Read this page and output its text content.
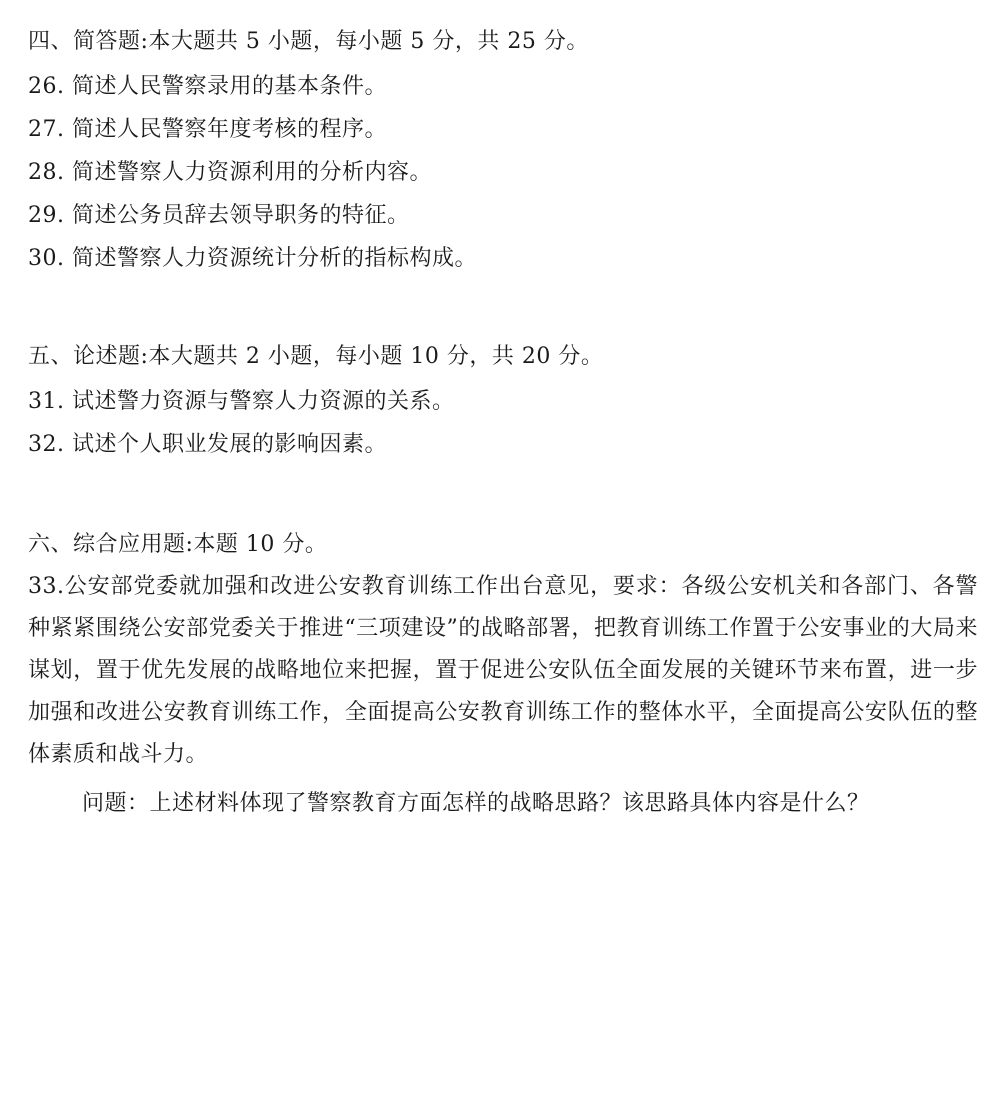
四、简答题:本大题共 5 小题，每小题 5 分，共 25 分。
26. 简述人民警察录用的基本条件。
27. 简述人民警察年度考核的程序。
28. 简述警察人力资源利用的分析内容。
29. 简述公务员辞去领导职务的特征。
30. 简述警察人力资源统计分析的指标构成。
五、论述题:本大题共 2 小题，每小题 10 分，共 20 分。
31. 试述警力资源与警察人力资源的关系。
32. 试述个人职业发展的影响因素。
六、综合应用题:本题 10 分。

33.公安部党委就加强和改进公安教育训练工作出台意见，要求：各级公安机关和各部门、各警种紧紧围绕公安部党委关于推进“三项建设”的战略部署，把教育训练工作置于公安事业的大局来谋划，置于优先发展的战略地位来把握，置于促进公安队伍全面发展的关键环节来布置，进一步加强和改进公安教育训练工作，全面提高公安教育训练工作的整体水平，全面提高公安队伍的整体素质和战斗力。

问题：上述材料体现了警察教育方面怎样的战略思路？该思路具体内容是什么？
